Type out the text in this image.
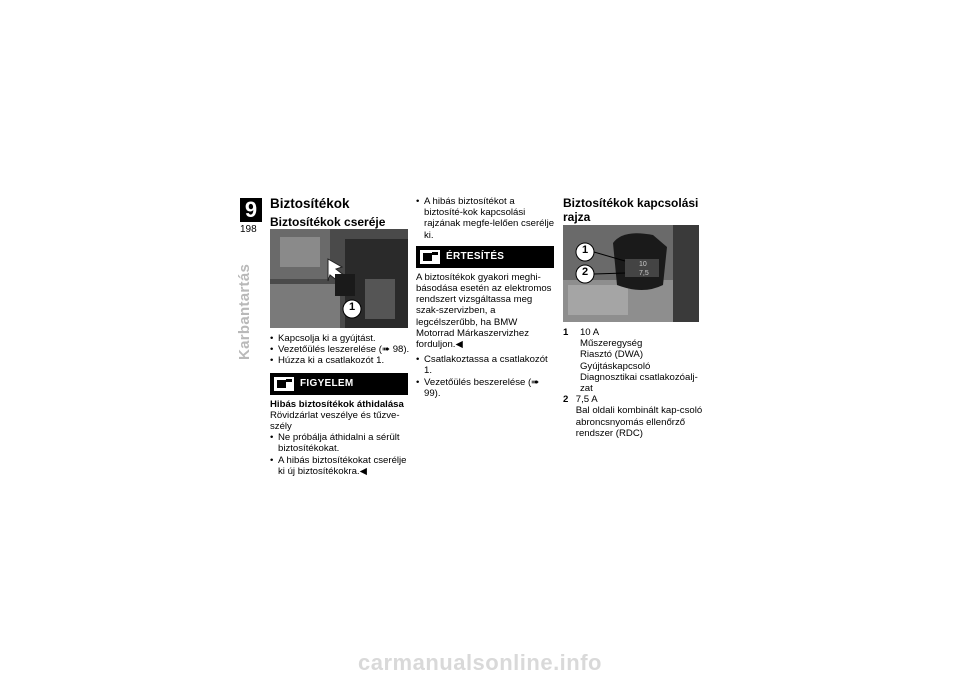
9
198
Karbantartás
Biztosítékok
Biztosítékok cseréje
1
• Kapcsolja ki a gyújtást.
• Vezetőülés leszerelése (➠ 98).
• Húzza ki a csatlakozót 1.
FIGYELEM
Hibás biztosítékok áthidalása
Rövidzárlat veszélye és tűzve-szély
• Ne próbálja áthidalni a sérült biztosítékokat.
• A hibás biztosítékokat cserélje ki új biztosítékokra.◀
• A hibás biztosítékot a biztosíté-kok kapcsolási rajzának megfe-lelően cserélje ki.
ÉRTESÍTÉS
A biztosítékok gyakori meghi-básodása esetén az elektromos rendszert vizsgáltassa meg szak-szervizben, a legcélszerűbb, ha BMW Motorrad Márkaszervizhez forduljon.◀
• Csatlakoztassa a csatlakozót 1.
• Vezetőülés beszerelése (➠ 99).
Biztosítékok kapcsolási rajza
1
2
10
7,5
1	10 A
Műszeregység
Riasztó (DWA)
Gyújtáskapcsoló
Diagnosztikai csatlakozóalj-zat
2 7,5 A
Bal oldali kombinált kap-csoló
abroncsnyomás ellenőrző rendszer (RDC)
carmanualsonline.info
